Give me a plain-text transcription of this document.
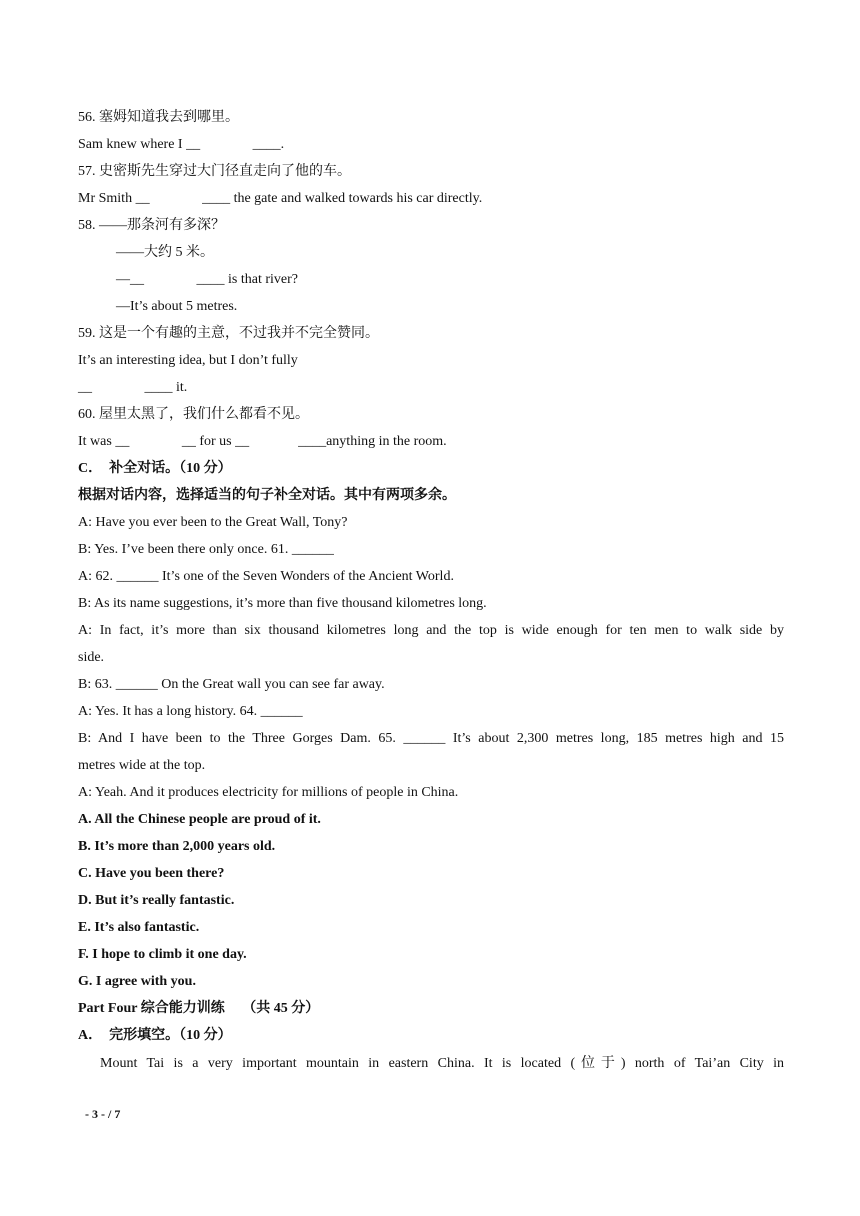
56. 塞姆知道我去到哪里。
Sam knew where I __               ____.
57. 史密斯先生穿过大门径直走向了他的车。
Mr Smith __               ____ the gate and walked towards his car directly.
58. ——那条河有多深？
——大约 5 米。
—__               ____ is that river?
—It’s about 5 metres.
59. 这是一个有趣的主意，不过我并不完全赞同。
It’s an interesting idea, but I don’t fully
__               ____ it.
60. 屋里太黑了，我们什么都看不见。
It was __               __ for us __              ____anything in the room.
C．  补全对话。（10 分）
根据对话内容，选择适当的句子补全对话。其中有两项多余。
A: Have you ever been to the Great Wall, Tony?
B: Yes. I’ve been there only once. 61. ______
A: 62. ______ It’s one of the Seven Wonders of the Ancient World.
B: As its name suggestions, it’s more than five thousand kilometres long.
A: In fact, it’s more than six thousand kilometres long and the top is wide enough for ten men to walk side by
side.
B: 63. ______ On the Great wall you can see far away.
A: Yes. It has a long history. 64. ______
B: And I have been to the Three Gorges Dam. 65. ______ It’s about 2,300 metres long, 185 metres high and 15
metres wide at the top.
A: Yeah. And it produces electricity for millions of people in China.
A. All the Chinese people are proud of it.
B. It’s more than 2,000 years old.
C. Have you been there?
D. But it’s really fantastic.
E. It’s also fantastic.
F. I hope to climb it one day.
G. I agree with you.
Part Four 综合能力训练     （共 45 分）
A．  完形填空。（10 分）
Mount Tai is a very important mountain in eastern China. It is located (位于) north of Tai’an City in
- 3 - / 7
